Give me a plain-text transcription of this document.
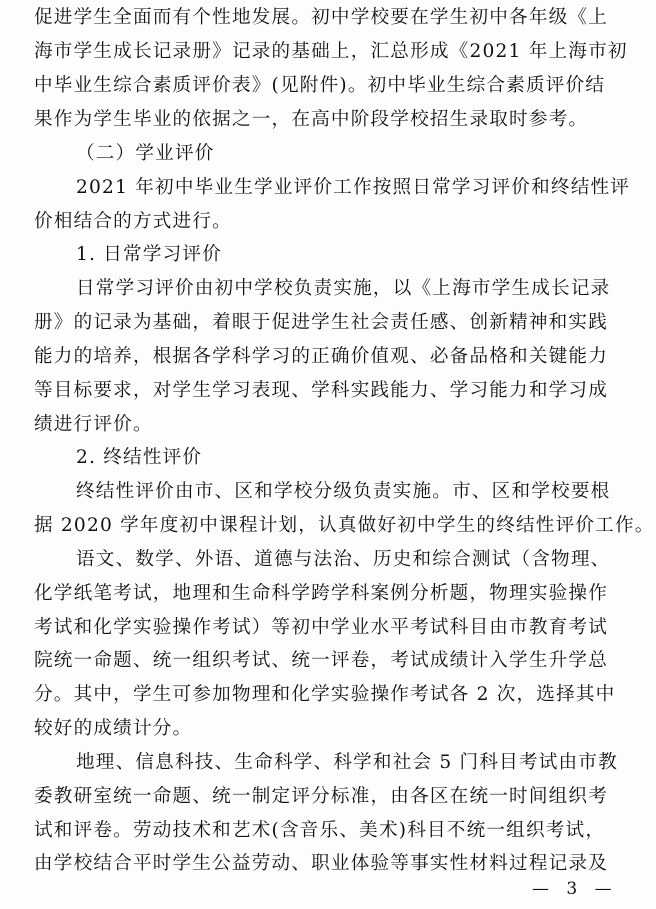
促进学生全面而有个性地发展。初中学校要在学生初中各年级《上
海市学生成长记录册》记录的基础上，汇总形成《2021 年上海市初
中毕业生综合素质评价表》(见附件)。初中毕业生综合素质评价结
果作为学生毕业的依据之一，在高中阶段学校招生录取时参考。
（二）学业评价
2021 年初中毕业生学业评价工作按照日常学习评价和终结性评
价相结合的方式进行。
1. 日常学习评价
日常学习评价由初中学校负责实施，以《上海市学生成长记录
册》的记录为基础，着眼于促进学生社会责任感、创新精神和实践
能力的培养，根据各学科学习的正确价值观、必备品格和关键能力
等目标要求，对学生学习表现、学科实践能力、学习能力和学习成
绩进行评价。
2. 终结性评价
终结性评价由市、区和学校分级负责实施。市、区和学校要根
据 2020 学年度初中课程计划，认真做好初中学生的终结性评价工作。
语文、数学、外语、道德与法治、历史和综合测试（含物理、
化学纸笔考试，地理和生命科学跨学科案例分析题，物理实验操作
考试和化学实验操作考试）等初中学业水平考试科目由市教育考试
院统一命题、统一组织考试、统一评卷，考试成绩计入学生升学总
分。其中，学生可参加物理和化学实验操作考试各 2 次，选择其中
较好的成绩计分。
地理、信息科技、生命科学、科学和社会 5 门科目考试由市教
委教研室统一命题、统一制定评分标准，由各区在统一时间组织考
试和评卷。劳动技术和艺术(含音乐、美术)科目不统一组织考试，
由学校结合平时学生公益劳动、职业体验等事实性材料过程记录及
— 3 —
